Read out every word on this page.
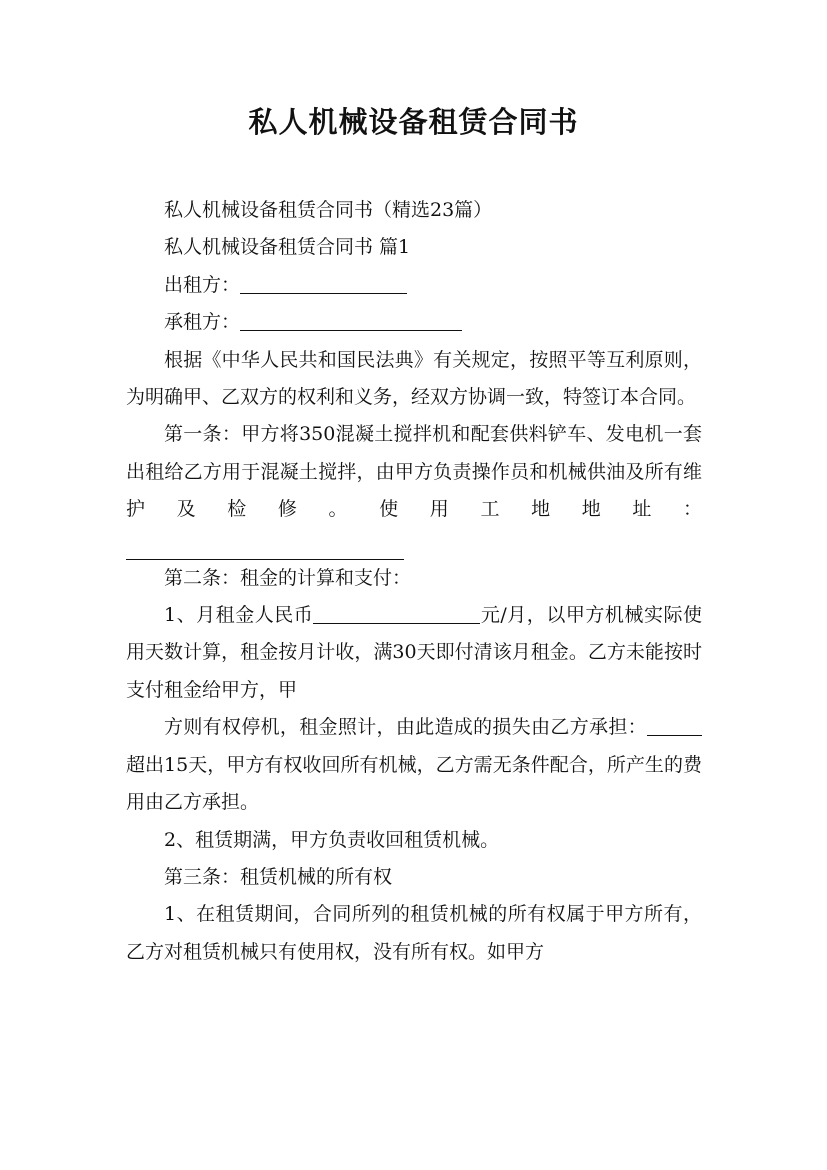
私人机械设备租赁合同书

私人机械设备租赁合同书（精选23篇）

私人机械设备租赁合同书 篇1

出租方：

承租方：

根据《中华人民共和国民法典》有关规定，按照平等互利原则，为明确甲、乙双方的权利和义务，经双方协调一致，特签订本合同。

第一条：甲方将350混凝土搅拌机和配套供料铲车、发电机一套出租给乙方用于混凝土搅拌，由甲方负责操作员和机械供油及所有维护及检修。使用工地地址：

第二条：租金的计算和支付：

1、月租金人民币	元/月，以甲方机械实际使用天数计算，租金按月计收，满30天即付清该月租金。乙方未能按时支付租金给甲方，甲

方则有权停机，租金照计，由此造成的损失由乙方承担：超出15天，甲方有权收回所有机械，乙方需无条件配合，所产生的费用由乙方承担。

2、租赁期满，甲方负责收回租赁机械。

第三条：租赁机械的所有权

1、在租赁期间，合同所列的租赁机械的所有权属于甲方所有，乙方对租赁机械只有使用权，没有所有权。如甲方
